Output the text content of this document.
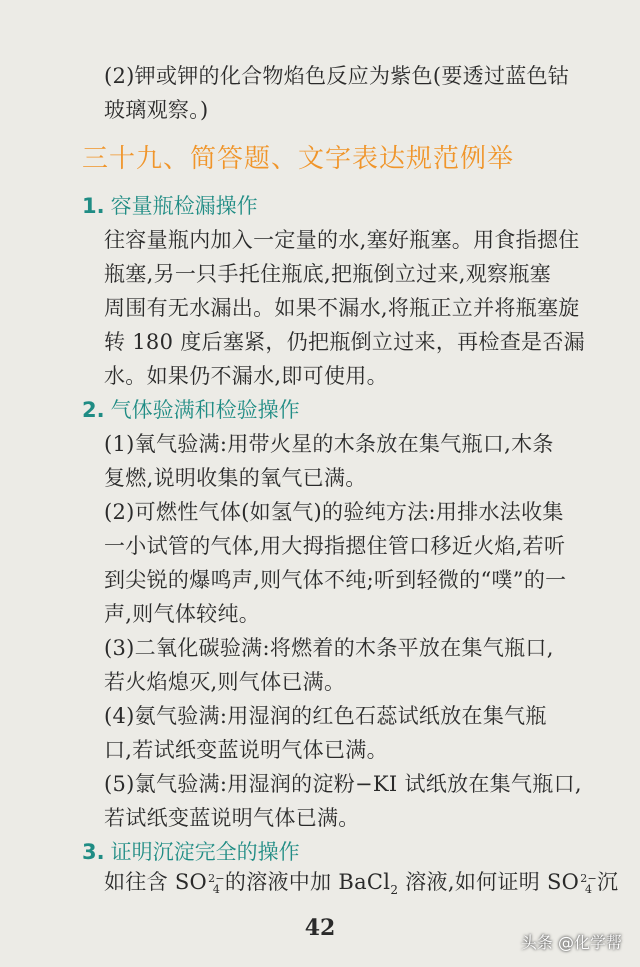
(2)钾或钾的化合物焰色反应为紫色(要透过蓝色钴
玻璃观察。)
三十九、简答题、文字表达规范例举
1. 容量瓶检漏操作
往容量瓶内加入一定量的水,塞好瓶塞。用食指摁住
瓶塞,另一只手托住瓶底,把瓶倒立过来,观察瓶塞
周围有无水漏出。如果不漏水,将瓶正立并将瓶塞旋
转 180 度后塞紧，仍把瓶倒立过来，再检查是否漏
水。如果仍不漏水,即可使用。
2. 气体验满和检验操作
(1)氧气验满:用带火星的木条放在集气瓶口,木条
复燃,说明收集的氧气已满。
(2)可燃性气体(如氢气)的验纯方法:用排水法收集
一小试管的气体,用大拇指摁住管口移近火焰,若听
到尖锐的爆鸣声,则气体不纯;听到轻微的“噗”的一
声,则气体较纯。
(3)二氧化碳验满:将燃着的木条平放在集气瓶口,
若火焰熄灭,则气体已满。
(4)氨气验满:用湿润的红色石蕊试纸放在集气瓶
口,若试纸变蓝说明气体已满。
(5)氯气验满:用湿润的淀粉−KI 试纸放在集气瓶口,
若试纸变蓝说明气体已满。
3. 证明沉淀完全的操作
如往含 SO 2−
4 的溶液中加 BaCl$_2$ 溶液,如何证明 SO 2−
4 沉
42
头条 @化学帮
